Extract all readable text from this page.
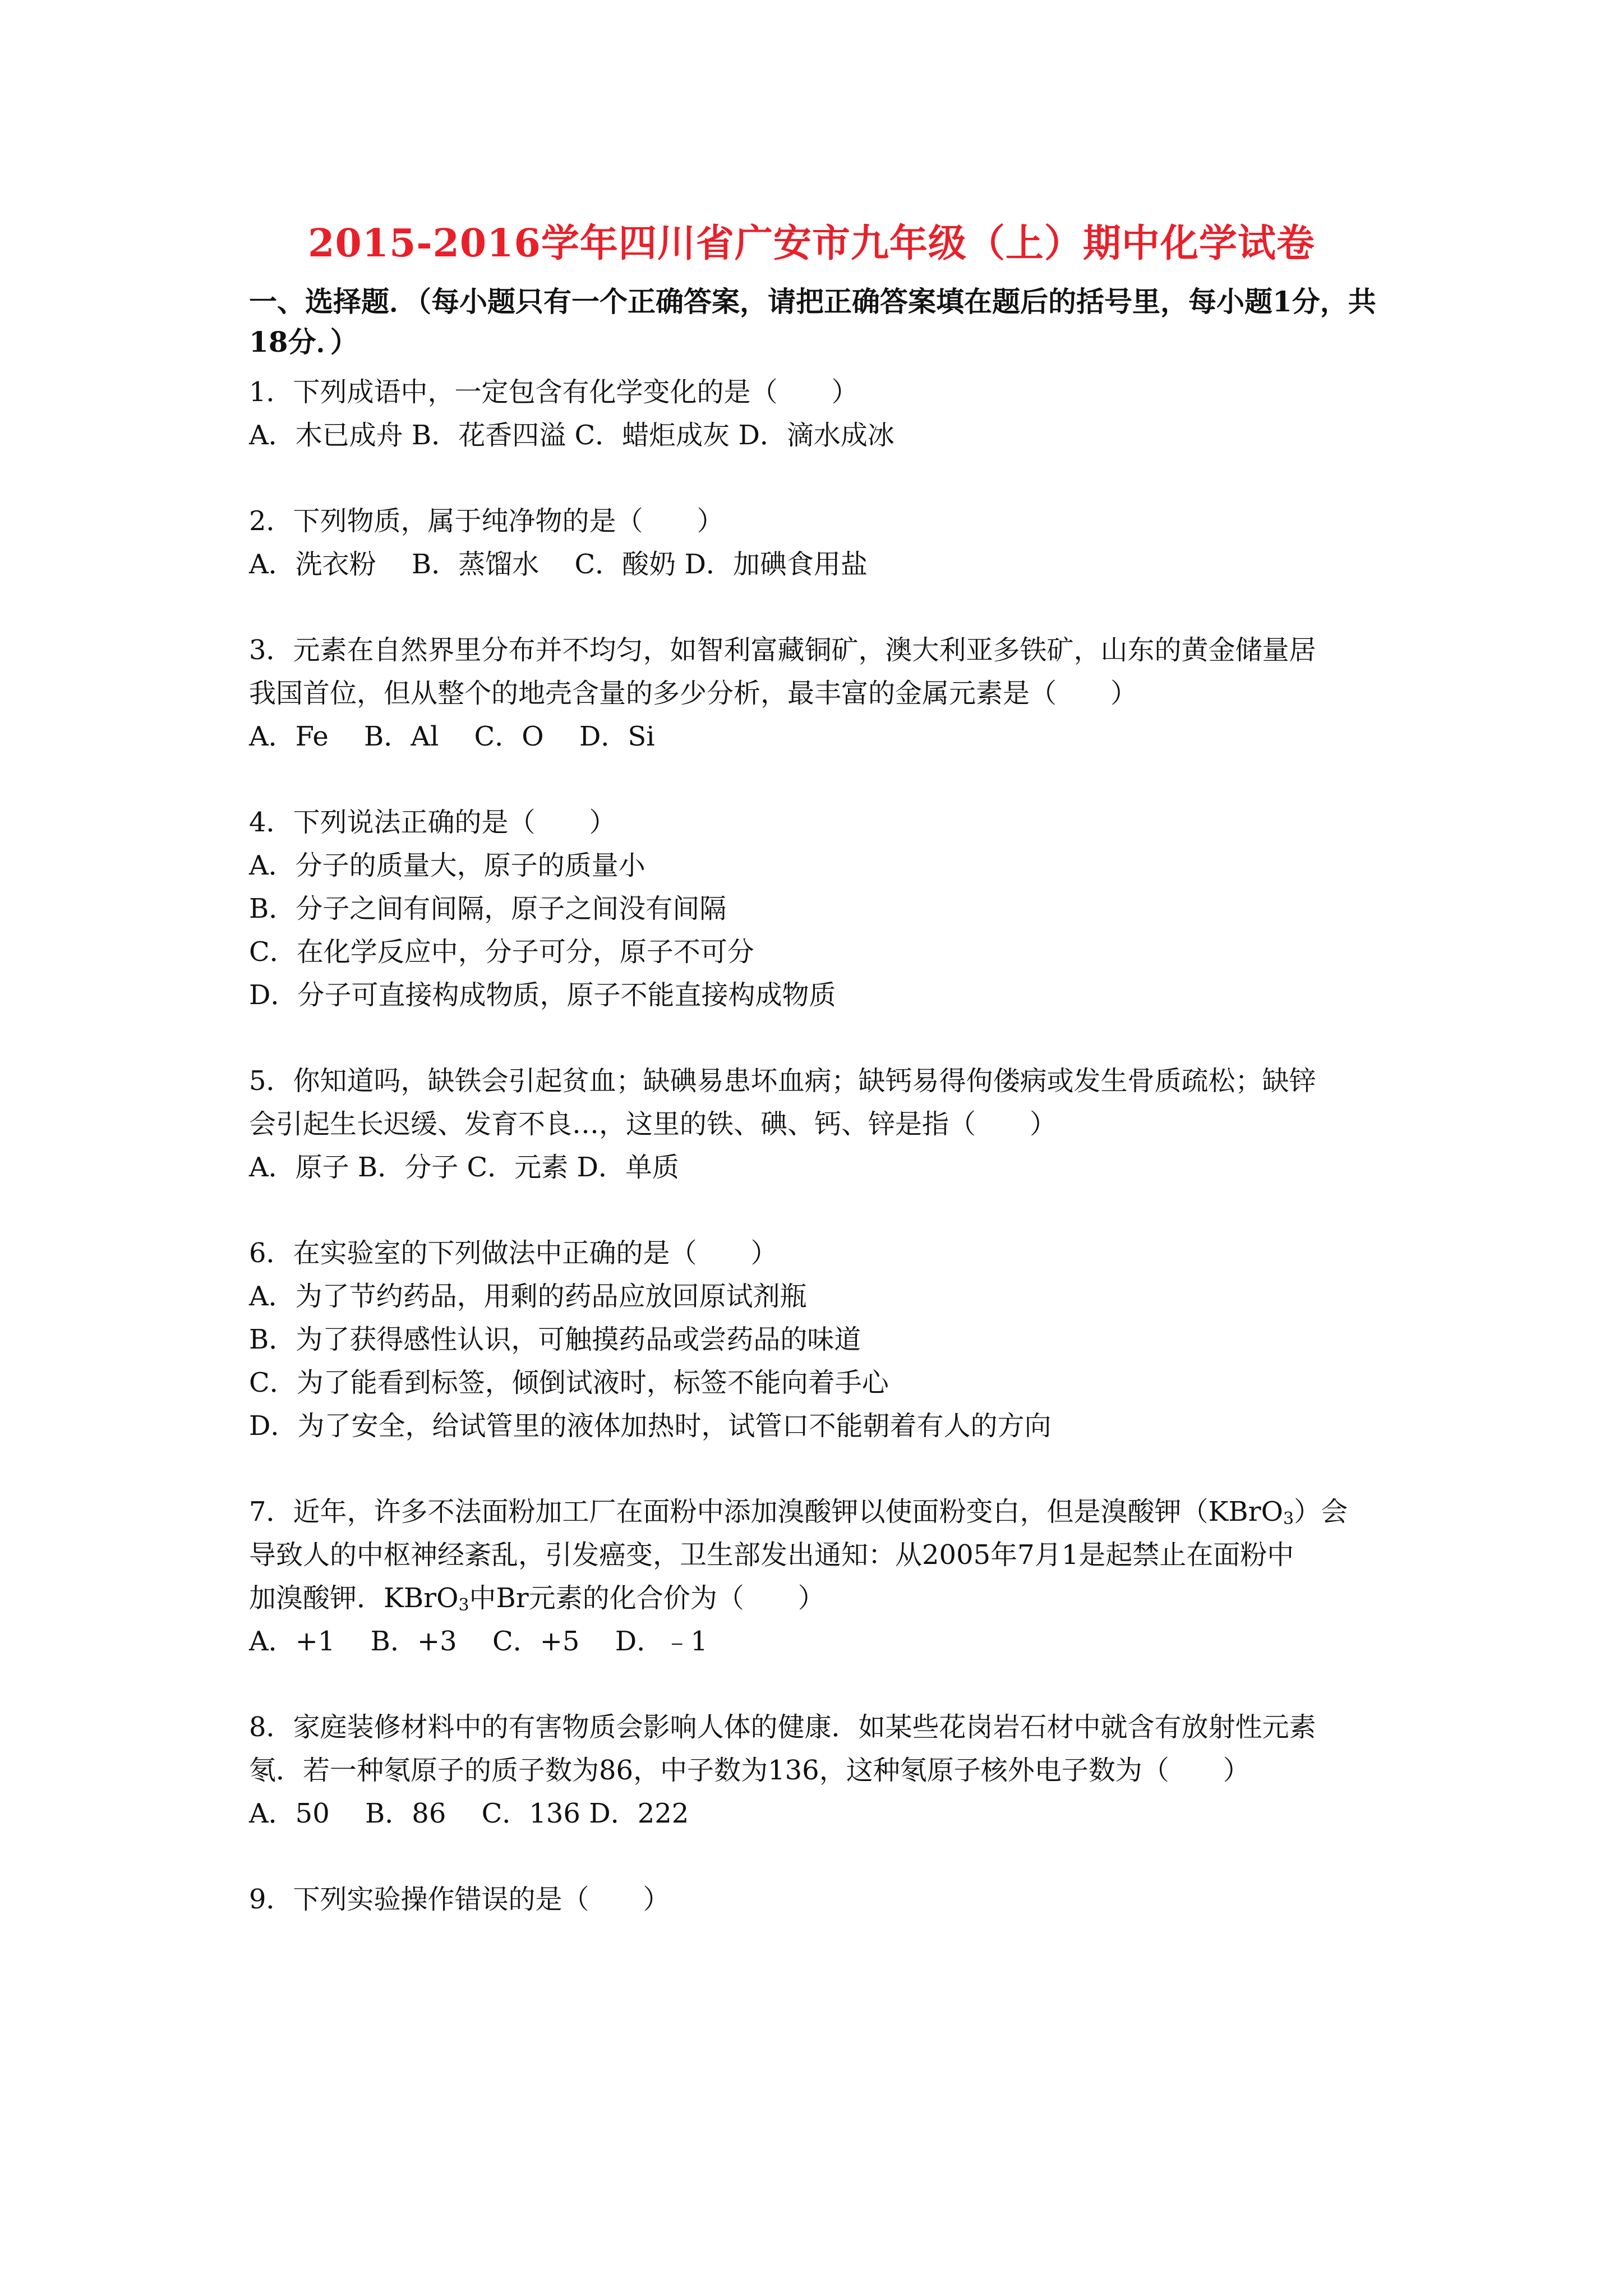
2015-2016学年四川省广安市九年级（上）期中化学试卷
一、选择题．（每小题只有一个正确答案，请把正确答案填在题后的括号里，每小题1分，共18分．）
1．下列成语中，一定包含有化学变化的是（　　）
A．木已成舟 B．花香四溢 C．蜡炬成灰 D．滴水成冰
2．下列物质，属于纯净物的是（　　）
A．洗衣粉　 B．蒸馏水　 C．酸奶 D．加碘食用盐
3．元素在自然界里分布并不均匀，如智利富藏铜矿，澳大利亚多铁矿，山东的黄金储量居
我国首位，但从整个的地壳含量的多少分析，最丰富的金属元素是（　　）
A．Fe　 B．Al　 C．O　 D．Si
4．下列说法正确的是（　　）
A．分子的质量大，原子的质量小
B．分子之间有间隔，原子之间没有间隔
C．在化学反应中，分子可分，原子不可分
D．分子可直接构成物质，原子不能直接构成物质
5．你知道吗，缺铁会引起贫血；缺碘易患坏血病；缺钙易得佝偻病或发生骨质疏松；缺锌
会引起生长迟缓、发育不良…，这里的铁、碘、钙、锌是指（　　）
A．原子 B．分子 C．元素 D．单质
6．在实验室的下列做法中正确的是（　　）
A．为了节约药品，用剩的药品应放回原试剂瓶
B．为了获得感性认识，可触摸药品或尝药品的味道
C．为了能看到标签，倾倒试液时，标签不能向着手心
D．为了安全，给试管里的液体加热时，试管口不能朝着有人的方向
7．近年，许多不法面粉加工厂在面粉中添加溴酸钾以使面粉变白，但是溴酸钾（KBrO$_3$）会
导致人的中枢神经紊乱，引发癌变，卫生部发出通知：从2005年7月1是起禁止在面粉中
加溴酸钾．KBrO$_3$中Br元素的化合价为（　　）
A．+1　 B．+3　 C．+5　 D．﹣1
8．家庭装修材料中的有害物质会影响人体的健康．如某些花岗岩石材中就含有放射性元素
氡．若一种氡原子的质子数为86，中子数为136，这种氡原子核外电子数为（　　）
A．50　 B．86　 C．136 D．222
9．下列实验操作错误的是（　　）
